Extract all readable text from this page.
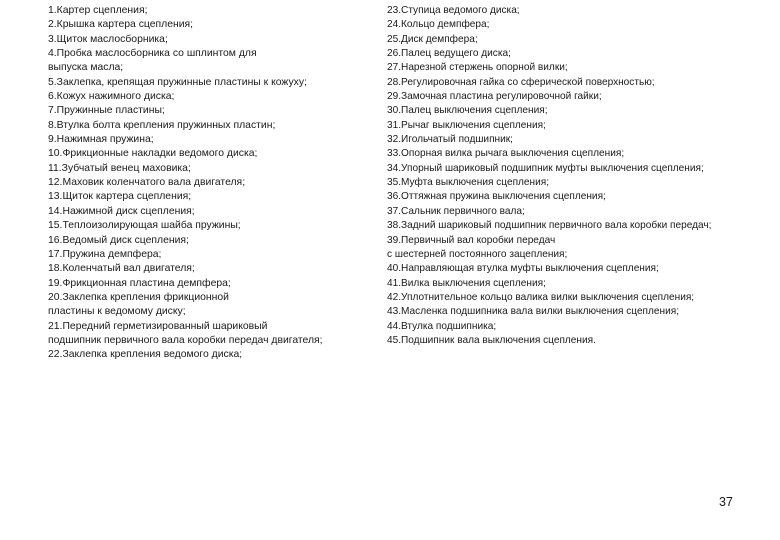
1.Картер сцепления;
2.Крышка картера сцепления;
3.Щиток маслосборника;
4.Пробка маслосборника со шплинтом для
выпуска масла;
5.Заклепка, крепящая пружинные пластины к кожуху;
6.Кожух нажимного диска;
7.Пружинные пластины;
8.Втулка болта крепления пружинных пластин;
9.Нажимная пружина;
10.Фрикционные накладки ведомого диска;
11.Зубчатый венец маховика;
12.Маховик коленчатого вала двигателя;
13.Щиток картера сцепления;
14.Нажимной диск сцепления;
15.Теплоизолирующая шайба пружины;
16.Ведомый диск сцепления;
17.Пружина демпфера;
18.Коленчатый вал двигателя;
19.Фрикционная пластина демпфера;
20.Заклепка крепления фрикционной
пластины к ведомому диску;
21.Передний герметизированный шариковый
подшипник первичного вала коробки передач двигателя;
22.Заклепка крепления ведомого диска;
23.Ступица ведомого диска;
24.Кольцо демпфера;
25.Диск демпфера;
26.Палец ведущего диска;
27.Нарезной стержень опорной вилки;
28.Регулировочная гайка со сферической поверхностью;
29.Замочная пластина регулировочной гайки;
30.Палец выключения сцепления;
31.Рычаг выключения сцепления;
32.Игольчатый подшипник;
33.Опорная вилка рычага выключения сцепления;
34.Упорный шариковый подшипник муфты выключения сцепления;
35.Муфта выключения сцепления;
36.Оттяжная пружина выключения сцепления;
37.Сальник первичного вала;
38.Задний шариковый подшипник первичного вала коробки передач;
39.Первичный вал коробки передач
с шестерней постоянного зацепления;
40.Направляющая втулка муфты выключения сцепления;
41.Вилка выключения сцепления;
42.Уплотнительное кольцо валика вилки выключения сцепления;
43.Масленка подшипника вала вилки выключения сцепления;
44.Втулка подшипника;
45.Подшипник вала выключения сцепления.
37
